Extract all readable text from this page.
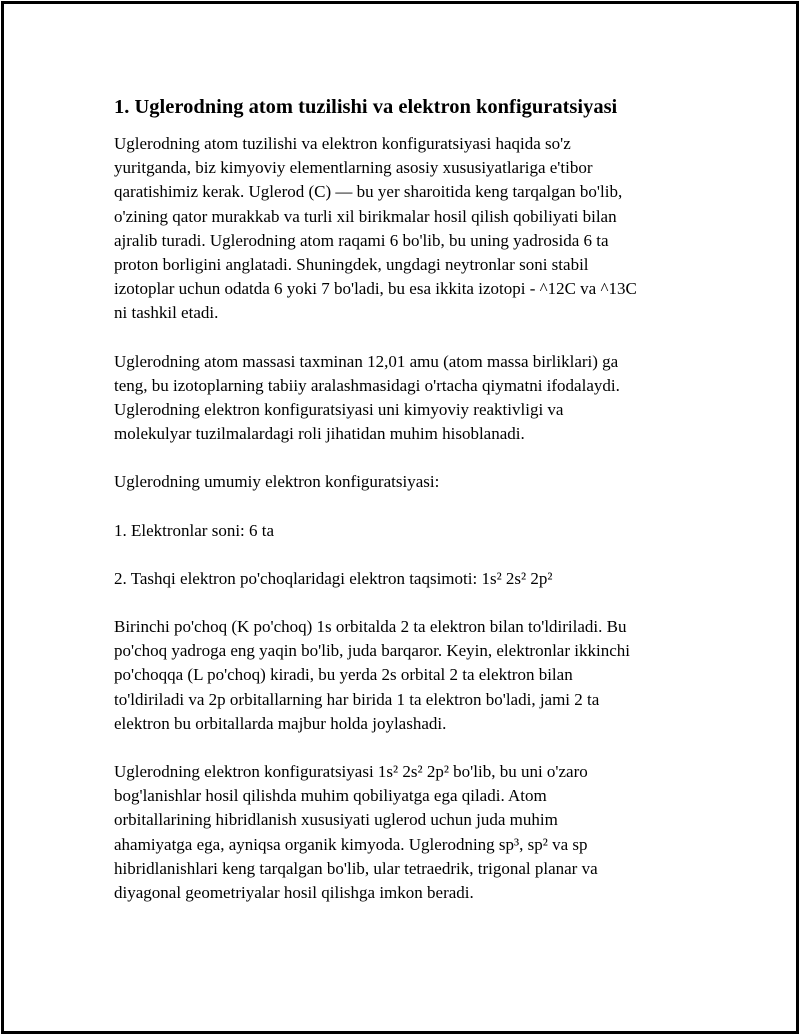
1. Uglerodning atom tuzilishi va elektron konfiguratsiyasi

Uglerodning atom tuzilishi va elektron konfiguratsiyasi haqida so'z
yuritganda, biz kimyoviy elementlarning asosiy xususiyatlariga e'tibor
qaratishimiz kerak. Uglerod (C) — bu yer sharoitida keng tarqalgan bo'lib,
o'zining qator murakkab va turli xil birikmalar hosil qilish qobiliyati bilan
ajralib turadi. Uglerodning atom raqami 6 bo'lib, bu uning yadrosida 6 ta
proton borligini anglatadi. Shuningdek, ungdagi neytronlar soni stabil
izotoplar uchun odatda 6 yoki 7 bo'ladi, bu esa ikkita izotopi - ^12C va ^13C
ni tashkil etadi.

Uglerodning atom massasi taxminan 12,01 amu (atom massa birliklari) ga
teng, bu izotoplarning tabiiy aralashmasidagi o'rtacha qiymatni ifodalaydi.
Uglerodning elektron konfiguratsiyasi uni kimyoviy reaktivligi va
molekulyar tuzilmalardagi roli jihatidan muhim hisoblanadi.

Uglerodning umumiy elektron konfiguratsiyasi:

1. Elektronlar soni: 6 ta

2. Tashqi elektron po'choqlaridagi elektron taqsimoti: 1s² 2s² 2p²

Birinchi po'choq (K po'choq) 1s orbitalda 2 ta elektron bilan to'ldiriladi. Bu
po'choq yadroga eng yaqin bo'lib, juda barqaror. Keyin, elektronlar ikkinchi
po'choqqa (L po'choq) kiradi, bu yerda 2s orbital 2 ta elektron bilan
to'ldiriladi va 2p orbitallarning har birida 1 ta elektron bo'ladi, jami 2 ta
elektron bu orbitallarda majbur holda joylashadi.

Uglerodning elektron konfiguratsiyasi 1s² 2s² 2p² bo'lib, bu uni o'zaro
bog'lanishlar hosil qilishda muhim qobiliyatga ega qiladi. Atom
orbitallarining hibridlanish xususiyati uglerod uchun juda muhim
ahamiyatga ega, ayniqsa organik kimyoda. Uglerodning sp³, sp² va sp
hibridlanishlari keng tarqalgan bo'lib, ular tetraedrik, trigonal planar va
diyagonal geometriyalar hosil qilishga imkon beradi.
